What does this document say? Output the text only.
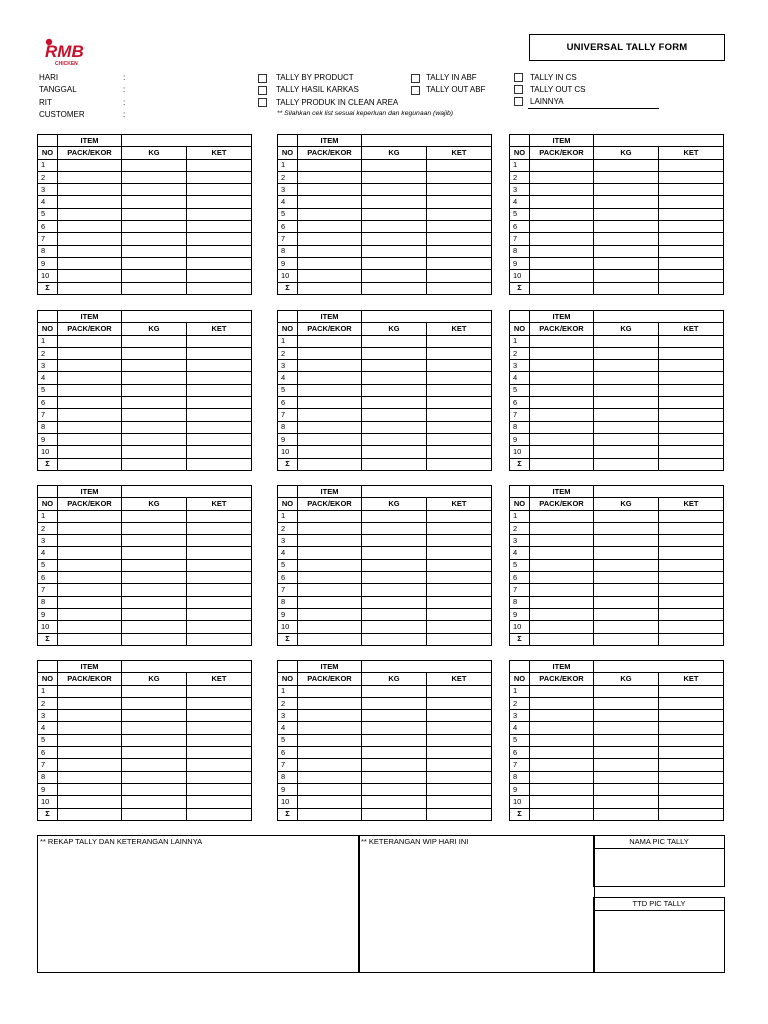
RMB
CHICKEN
UNIVERSAL TALLY FORM
HARI	:
TANGGAL	:
RIT	:
CUSTOMER	:
TALLY BY PRODUCT
TALLY HASIL KARKAS
TALLY PRODUK IN CLEAN AREA
TALLY IN ABF
TALLY OUT ABF
TALLY IN CS
TALLY OUT CS
LAINNYA
** Silahkan cek list sesuai keperluan dan kegunaan (wajib)
	ITEM		
NO	PACK/EKOR	KG	KET
1			
2			
3			
4			
5			
6			
7			
8			
9			
10			
Σ			
	ITEM		
NO	PACK/EKOR	KG	KET
1			
2			
3			
4			
5			
6			
7			
8			
9			
10			
Σ			
	ITEM		
NO	PACK/EKOR	KG	KET
1			
2			
3			
4			
5			
6			
7			
8			
9			
10			
Σ			
	ITEM		
NO	PACK/EKOR	KG	KET
1			
2			
3			
4			
5			
6			
7			
8			
9			
10			
Σ			
	ITEM		
NO	PACK/EKOR	KG	KET
1			
2			
3			
4			
5			
6			
7			
8			
9			
10			
Σ			
	ITEM		
NO	PACK/EKOR	KG	KET
1			
2			
3			
4			
5			
6			
7			
8			
9			
10			
Σ			
	ITEM		
NO	PACK/EKOR	KG	KET
1			
2			
3			
4			
5			
6			
7			
8			
9			
10			
Σ			
	ITEM		
NO	PACK/EKOR	KG	KET
1			
2			
3			
4			
5			
6			
7			
8			
9			
10			
Σ			
	ITEM		
NO	PACK/EKOR	KG	KET
1			
2			
3			
4			
5			
6			
7			
8			
9			
10			
Σ			
	ITEM		
NO	PACK/EKOR	KG	KET
1			
2			
3			
4			
5			
6			
7			
8			
9			
10			
Σ			
	ITEM		
NO	PACK/EKOR	KG	KET
1			
2			
3			
4			
5			
6			
7			
8			
9			
10			
Σ			
	ITEM		
NO	PACK/EKOR	KG	KET
1			
2			
3			
4			
5			
6			
7			
8			
9			
10			
Σ			
** REKAP TALLY DAN KETERANGAN LAINNYA	** KETERANGAN WIP HARI INI	NAMA PIC TALLY
TTD PIC TALLY
